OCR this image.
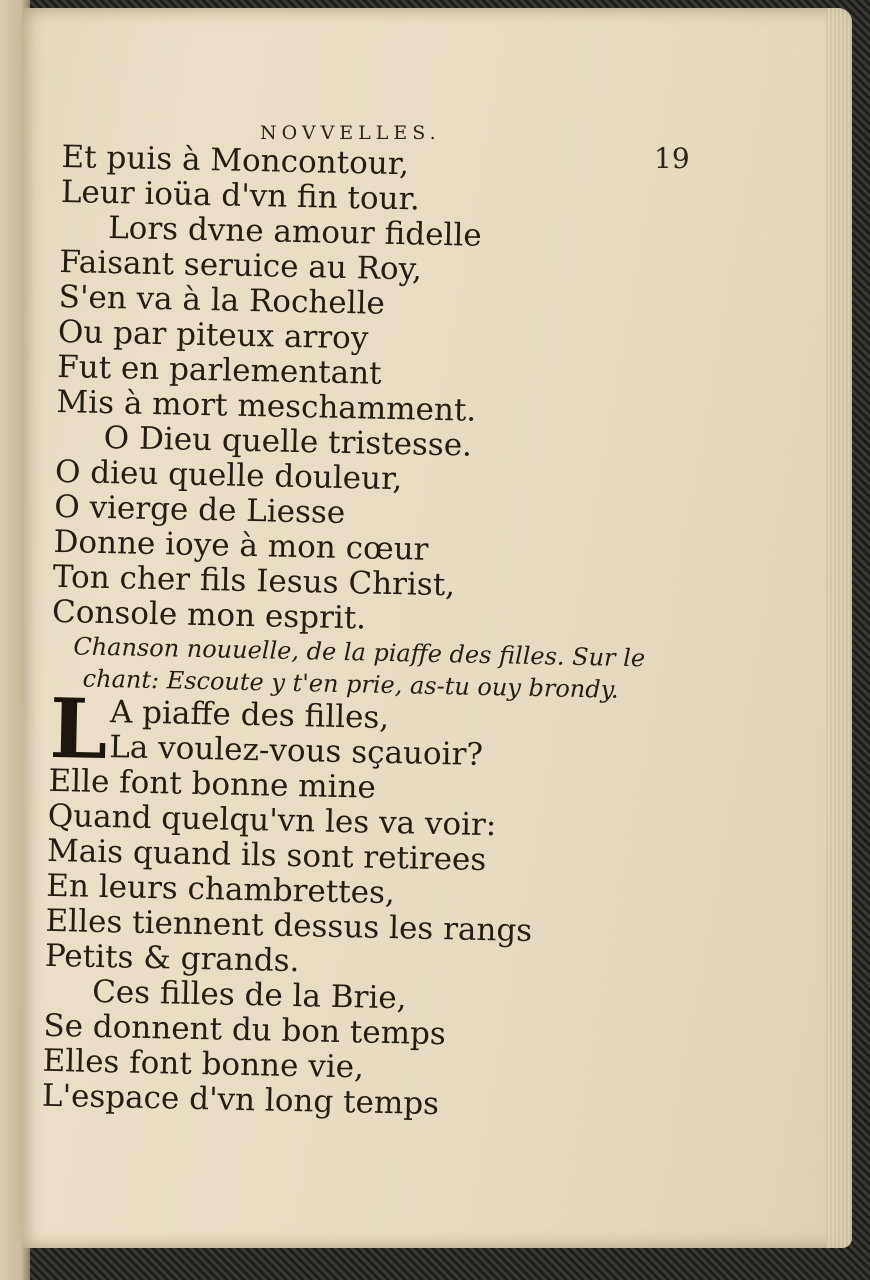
NOVVELLES.
19
Et puis à Moncontour,
Leur ioüa d'vn fin tour.
Lors dvne amour fidelle
Faisant seruice au Roy,
S'en va à la Rochelle
Ou par piteux arroy
Fut en parlementant
Mis à mort meschamment.
O Dieu quelle tristesse.
O dieu quelle douleur,
O vierge de Liesse
Donne ioye à mon cœur
Ton cher fils Iesus Christ,
Console mon esprit.
Chanson nouuelle, de la piaffe des filles. Sur le
chant: Escoute y t'en prie, as-tu ouy brondy.
L A piaffe des filles,
La voulez-vous sçauoir?
Elle font bonne mine
Quand quelqu'vn les va voir:
Mais quand ils sont retirees
En leurs chambrettes,
Elles tiennent dessus les rangs
Petits & grands.
Ces filles de la Brie,
Se donnent du bon temps
Elles font bonne vie,
L'espace d'vn long temps
